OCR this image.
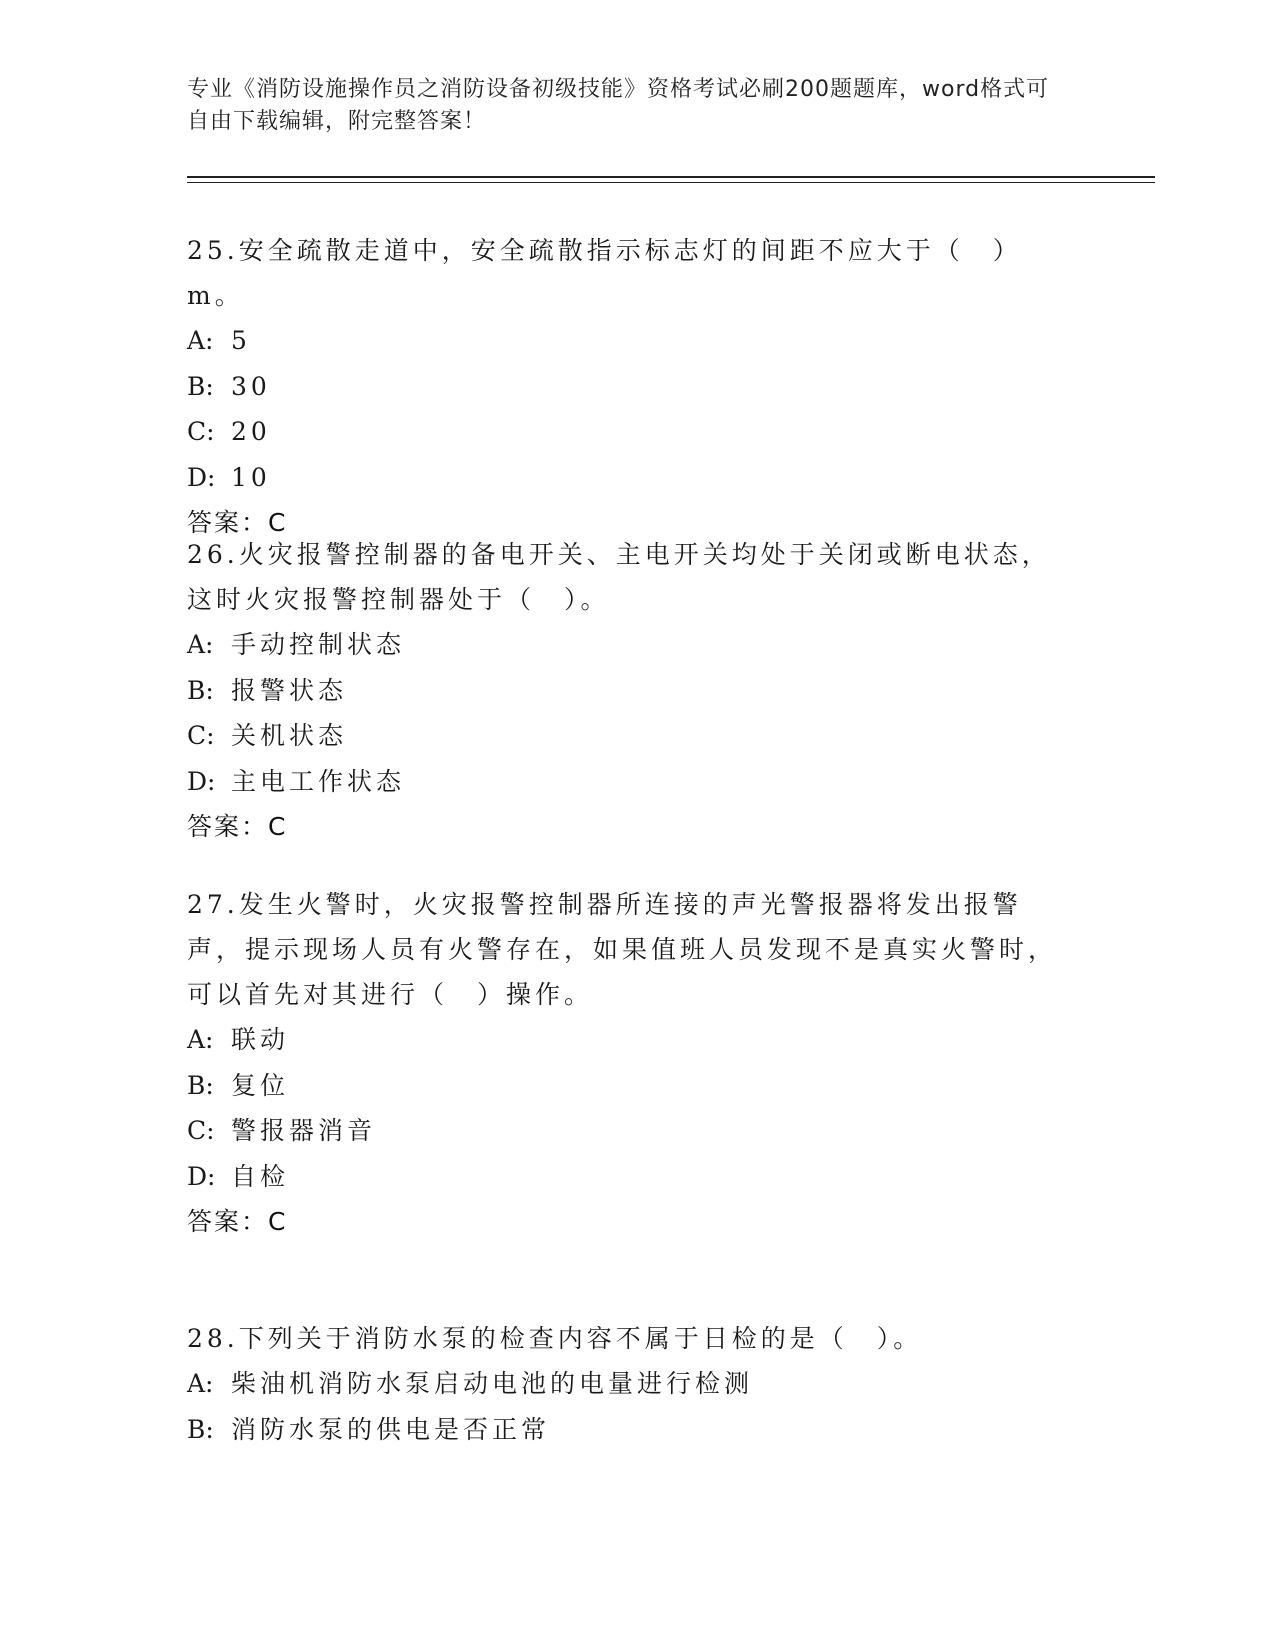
专业《消防设施操作员之消防设备初级技能》资格考试必刷200题题库，word格式可自由下载编辑，附完整答案！

25.安全疏散走道中，安全疏散指示标志灯的间距不应大于（　）m。

A: 5

B: 30

C: 20

D: 10

答案：C

26.火灾报警控制器的备电开关、主电开关均处于关闭或断电状态，这时火灾报警控制器处于（　）。

A: 手动控制状态

B: 报警状态

C: 关机状态

D: 主电工作状态

答案：C

27.发生火警时，火灾报警控制器所连接的声光警报器将发出报警声，提示现场人员有火警存在，如果值班人员发现不是真实火警时，可以首先对其进行（　）操作。

A: 联动

B: 复位

C: 警报器消音

D: 自检

答案：C

28.下列关于消防水泵的检查内容不属于日检的是（　）。

A: 柴油机消防水泵启动电池的电量进行检测

B: 消防水泵的供电是否正常
